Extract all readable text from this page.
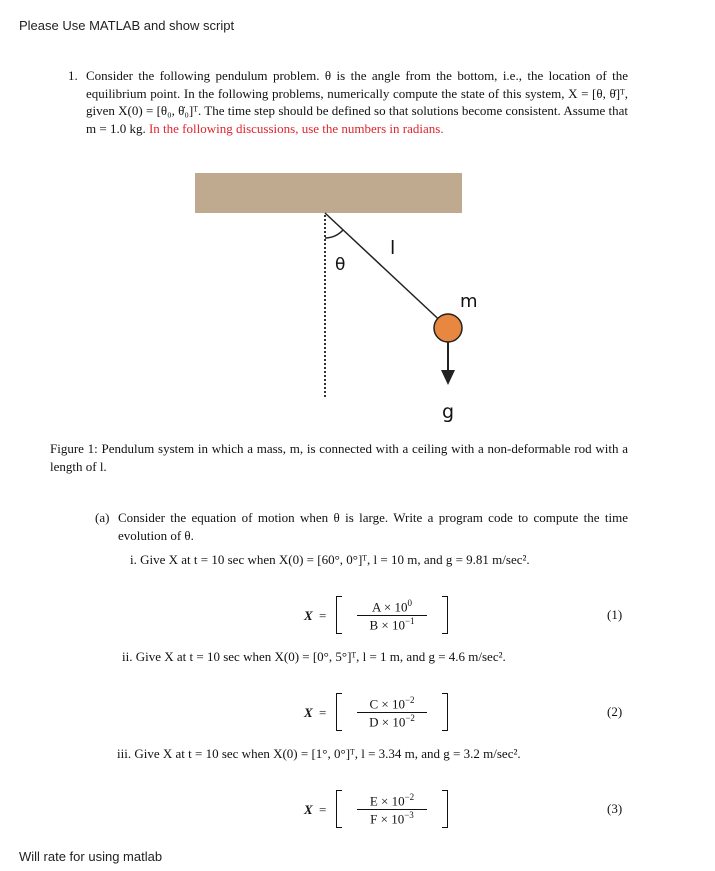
Please Use MATLAB and show script
1. Consider the following pendulum problem. θ is the angle from the bottom, i.e., the location of the equilibrium point. In the following problems, numerically compute the state of this system, X = [θ, θ̇]ᵀ, given X(0) = [θ₀, θ̇₀]ᵀ. The time step should be defined so that solutions become consistent. Assume that m = 1.0 kg. In the following discussions, use the numbers in radians.
θ
l
m
g
Figure 1: Pendulum system in which a mass, m, is connected with a ceiling with a non-deformable rod with a length of l.
(a) Consider the equation of motion when θ is large. Write a program code to compute the time evolution of θ.
i. Give X at t = 10 sec when X(0) = [60°, 0°]ᵀ, l = 10 m, and g = 9.81 m/sec².
X =
$A \times 10^0$
$B \times 10^{-1}$	(1)
ii. Give X at t = 10 sec when X(0) = [0°, 5°]ᵀ, l = 1 m, and g = 4.6 m/sec².
X =
$C \times 10^{-2}$
$D \times 10^{-2}$	(2)
iii. Give X at t = 10 sec when X(0) = [1°, 0°]ᵀ, l = 3.34 m, and g = 3.2 m/sec².
X =
$E \times 10^{-2}$
$F \times 10^{-3}$	(3)
Will rate for using matlab
